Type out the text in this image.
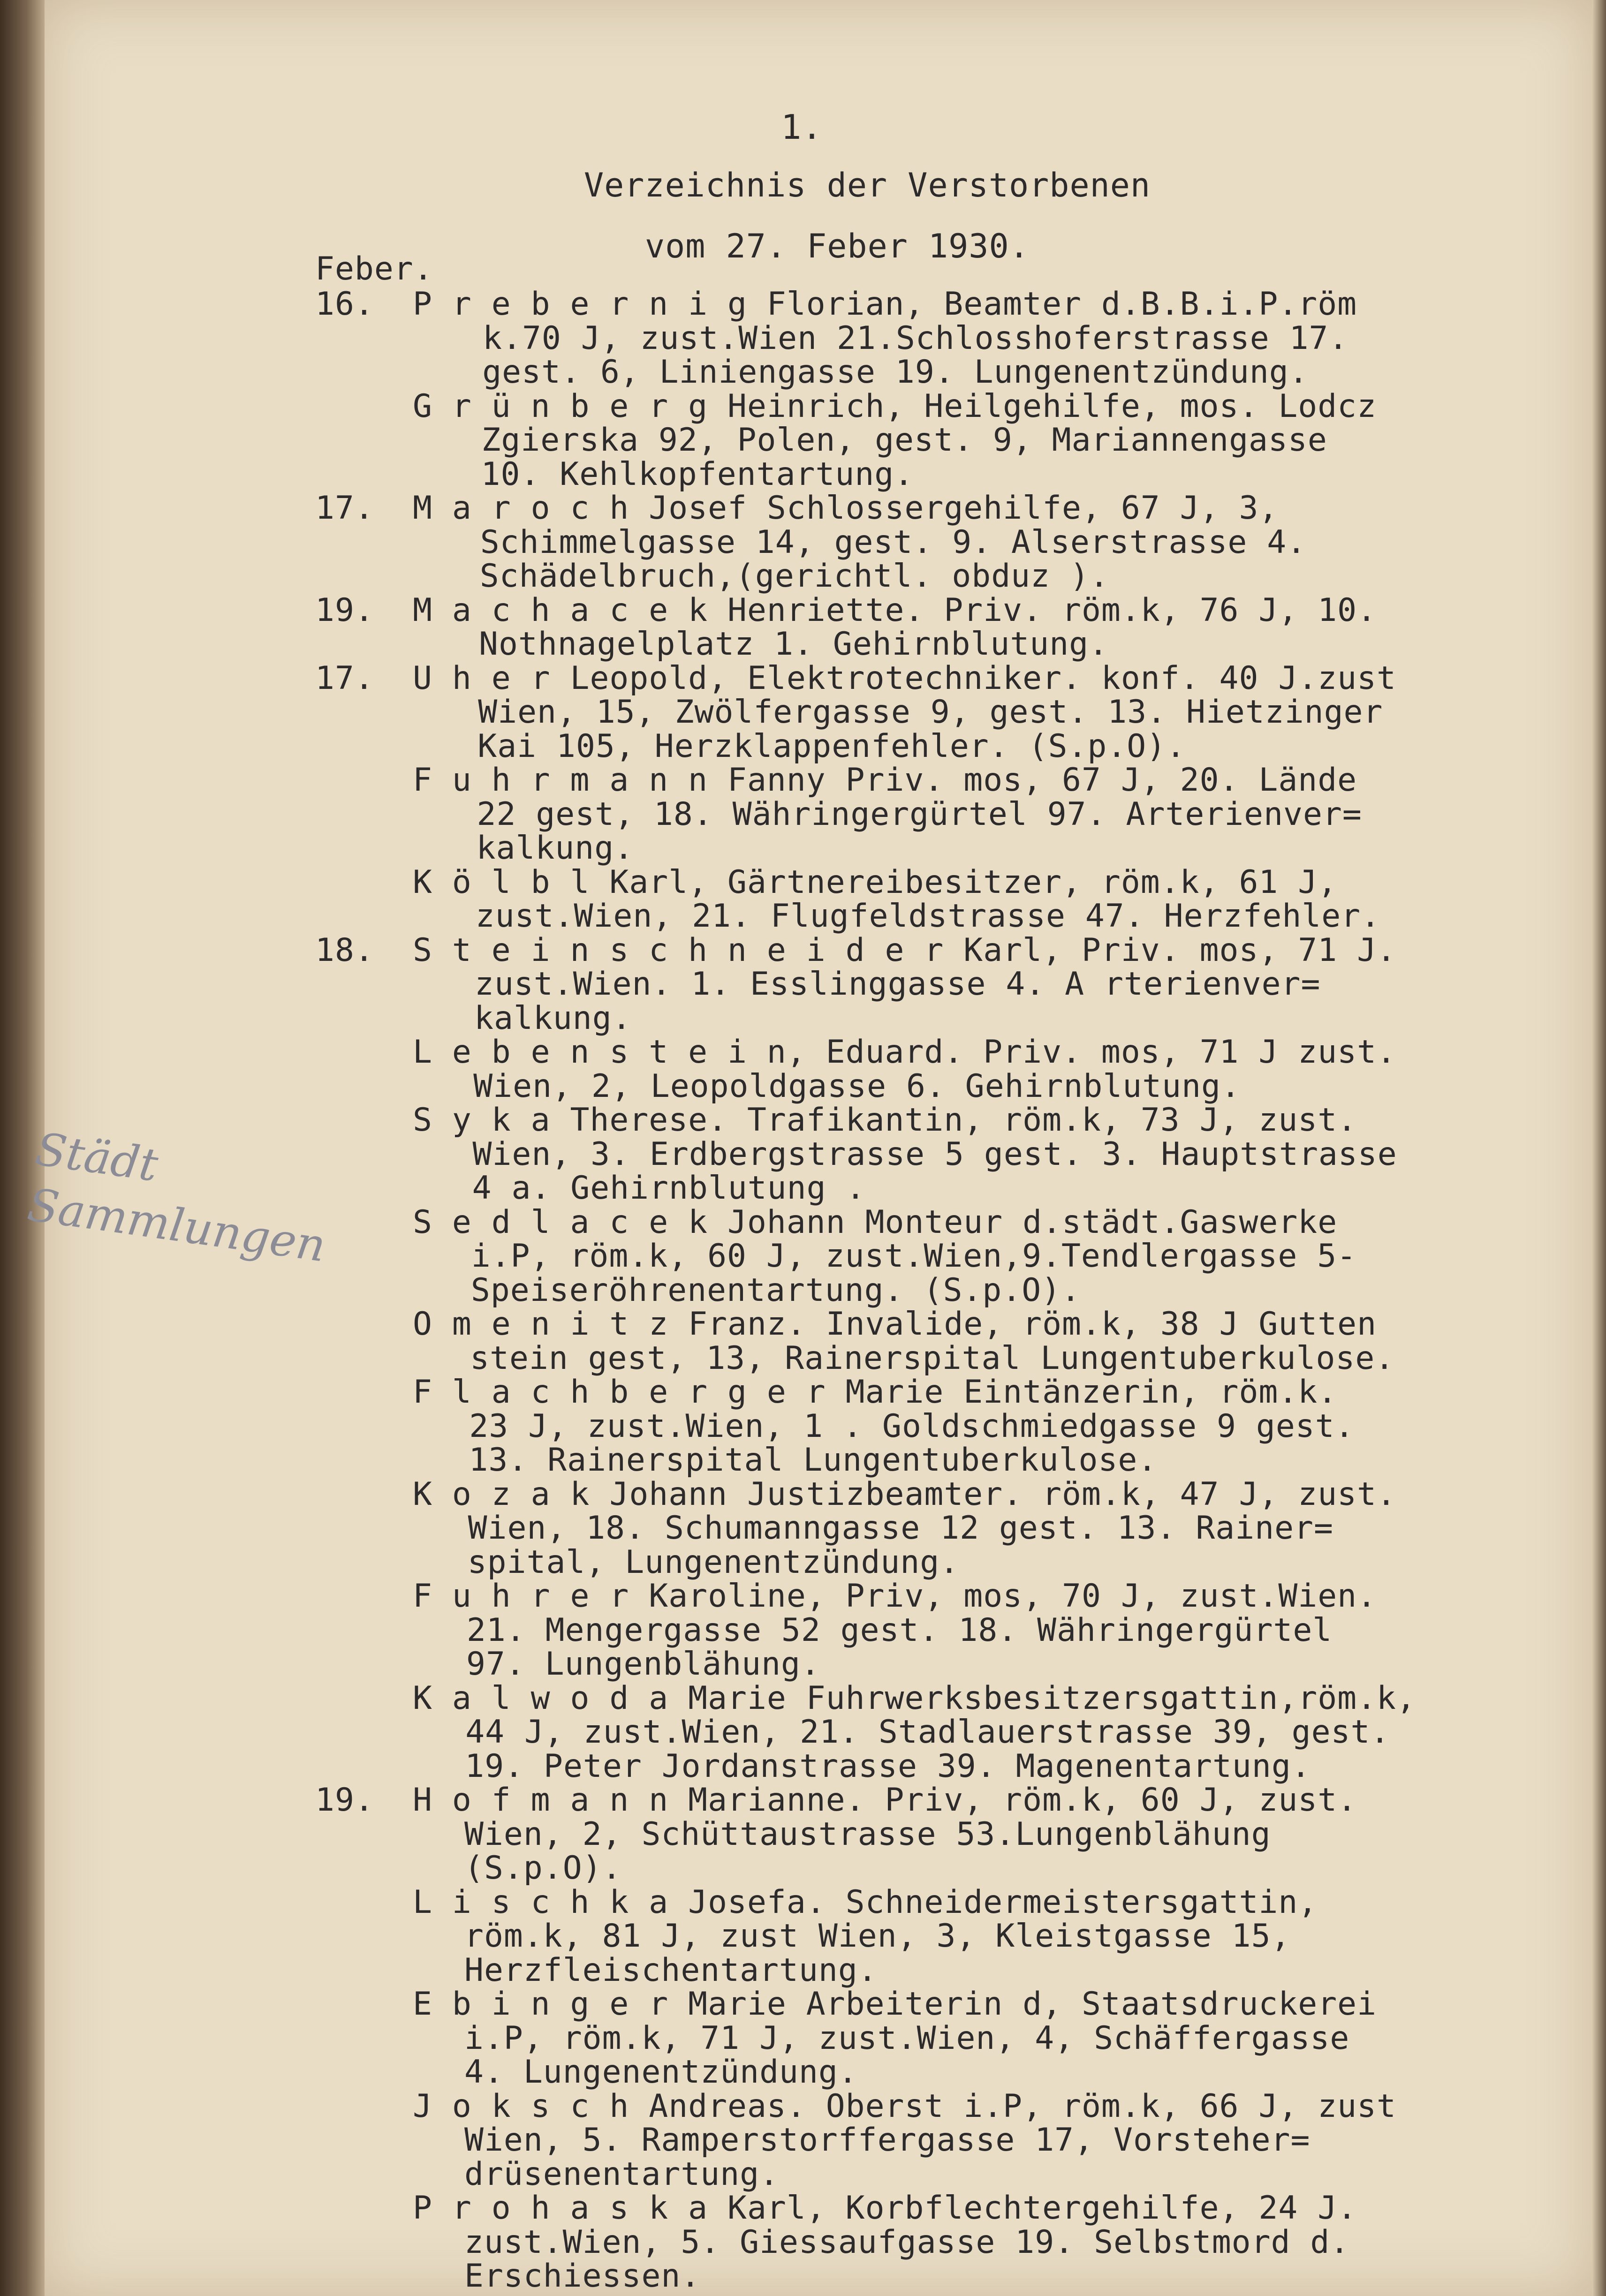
1.
Verzeichnis der Verstorbenen
vom 27. Feber 1930.
Feber.
Städt
Sammlungen
16. P r e b e r n i g Florian, Beamter d.B.B.i.P.röm
k.70 J, zust.Wien 21.Schlosshoferstrasse 17.
gest. 6, Liniengasse 19. Lungenentzündung.
G r ü n b e r g Heinrich, Heilgehilfe, mos. Lodcz
Zgierska 92, Polen, gest. 9, Mariannengasse
10. Kehlkopfentartung.
17. M a r o c h Josef Schlossergehilfe, 67 J, 3,
Schimmelgasse 14, gest. 9. Alserstrasse 4.
Schädelbruch,(gerichtl. obduz ).
19. M a c h a c e k Henriette. Priv. röm.k, 76 J, 10.
Nothnagelplatz 1. Gehirnblutung.
17. U h e r Leopold, Elektrotechniker. konf. 40 J.zust
Wien, 15, Zwölfergasse 9, gest. 13. Hietzinger
Kai 105, Herzklappenfehler. (S.p.O).
F u h r m a n n Fanny Priv. mos, 67 J, 20. Lände
22 gest, 18. Währingergürtel 97. Arterienver=
kalkung.
K ö l b l Karl, Gärtnereibesitzer, röm.k, 61 J,
zust.Wien, 21. Flugfeldstrasse 47. Herzfehler.
18. S t e i n s c h n e i d e r Karl, Priv. mos, 71 J.
zust.Wien. 1. Esslinggasse 4. A rterienver=
kalkung.
L e b e n s t e i n, Eduard. Priv. mos, 71 J zust.
Wien, 2, Leopoldgasse 6. Gehirnblutung.
S y k a Therese. Trafikantin, röm.k, 73 J, zust.
Wien, 3. Erdbergstrasse 5 gest. 3. Hauptstrasse
4 a. Gehirnblutung .
S e d l a c e k Johann Monteur d.städt.Gaswerke
i.P, röm.k, 60 J, zust.Wien,9.Tendlergasse 5-
Speiseröhrenentartung. (S.p.O).
O m e n i t z Franz. Invalide, röm.k, 38 J Gutten
stein gest, 13, Rainerspital Lungentuberkulose.
F l a c h b e r g e r Marie Eintänzerin, röm.k.
23 J, zust.Wien, 1 . Goldschmiedgasse 9 gest.
13. Rainerspital Lungentuberkulose.
K o z a k Johann Justizbeamter. röm.k, 47 J, zust.
Wien, 18. Schumanngasse 12 gest. 13. Rainer=
spital, Lungenentzündung.
F u h r e r Karoline, Priv, mos, 70 J, zust.Wien.
21. Mengergasse 52 gest. 18. Währingergürtel
97. Lungenblähung.
K a l w o d a Marie Fuhrwerksbesitzersgattin,röm.k,
44 J, zust.Wien, 21. Stadlauerstrasse 39, gest.
19. Peter Jordanstrasse 39. Magenentartung.
19. H o f m a n n Marianne. Priv, röm.k, 60 J, zust.
Wien, 2, Schüttaustrasse 53.Lungenblähung
(S.p.O).
L i s c h k a Josefa. Schneidermeistersgattin,
röm.k, 81 J, zust Wien, 3, Kleistgasse 15,
Herzfleischentartung.
E b i n g e r Marie Arbeiterin d, Staatsdruckerei
i.P, röm.k, 71 J, zust.Wien, 4, Schäffergasse
4. Lungenentzündung.
J o k s c h Andreas. Oberst i.P, röm.k, 66 J, zust
Wien, 5. Ramperstorffergasse 17, Vorsteher=
drüsenentartung.
P r o h a s k a Karl, Korbflechtergehilfe, 24 J.
zust.Wien, 5. Giessaufgasse 19. Selbstmord d.
Erschiessen.
